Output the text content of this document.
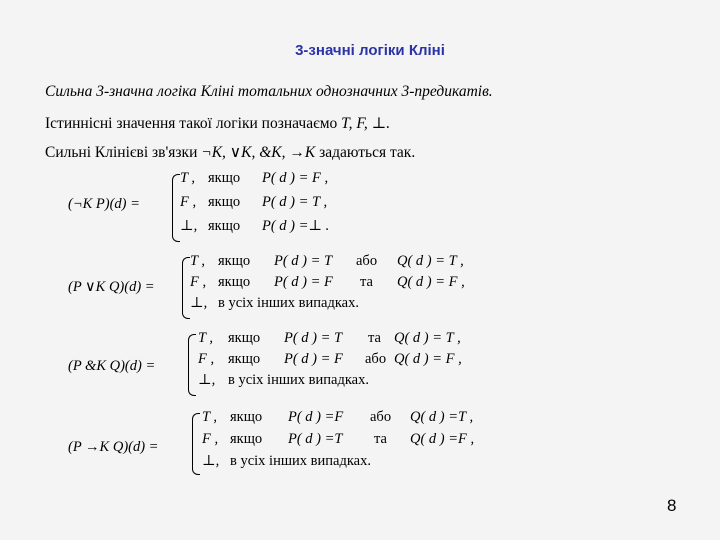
3-значні логіки Кліні
Сильна 3-значна логіка Кліні тотальних однозначних 3-предикатів.
Істиннісні значення такої логіки позначаємо T, F, ⊥.
Сильні Клінієві зв'язки ¬K, ∨K, &K, →K задаються так.
(¬K P)(d) =
T , якщо P( d ) = F ,
F , якщо P( d ) = T ,
⊥, якщо P( d ) =⊥ .
(P ∨K Q)(d) =
T , якщо P( d ) = T або Q( d ) = T ,
F , якщо P( d ) = F та Q( d ) = F ,
⊥, в усіх інших випадках.
(P &K Q)(d) =
T , якщо P( d ) = T та Q( d ) = T ,
F , якщо P( d ) = F або Q( d ) = F ,
⊥, в усіх інших випадках.
(P →K Q)(d) =
T , якщо P( d ) =F або Q( d ) =T ,
F , якщо P( d ) =T та Q( d ) =F ,
⊥, в усіх інших випадках.
8
